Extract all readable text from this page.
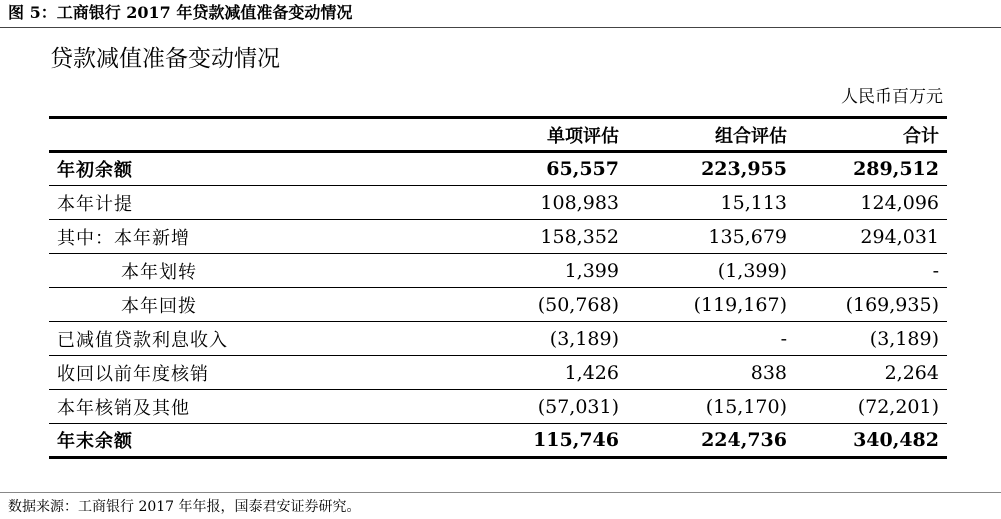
图 5：工商银行 2017 年贷款减值准备变动情况
贷款减值准备变动情况
人民币百万元
	单项评估	组合评估	合计
年初余额	65,557	223,955	289,512
本年计提	108,983	15,113	124,096
其中：本年新增	158,352	135,679	294,031
本年划转	1,399	(1,399)	-
本年回拨	(50,768)	(119,167)	(169,935)
已减值贷款利息收入	(3,189)	-	(3,189)
收回以前年度核销	1,426	838	2,264
本年核销及其他	(57,031)	(15,170)	(72,201)
年末余额	115,746	224,736	340,482
数据来源：工商银行 2017 年年报，国泰君安证券研究。
